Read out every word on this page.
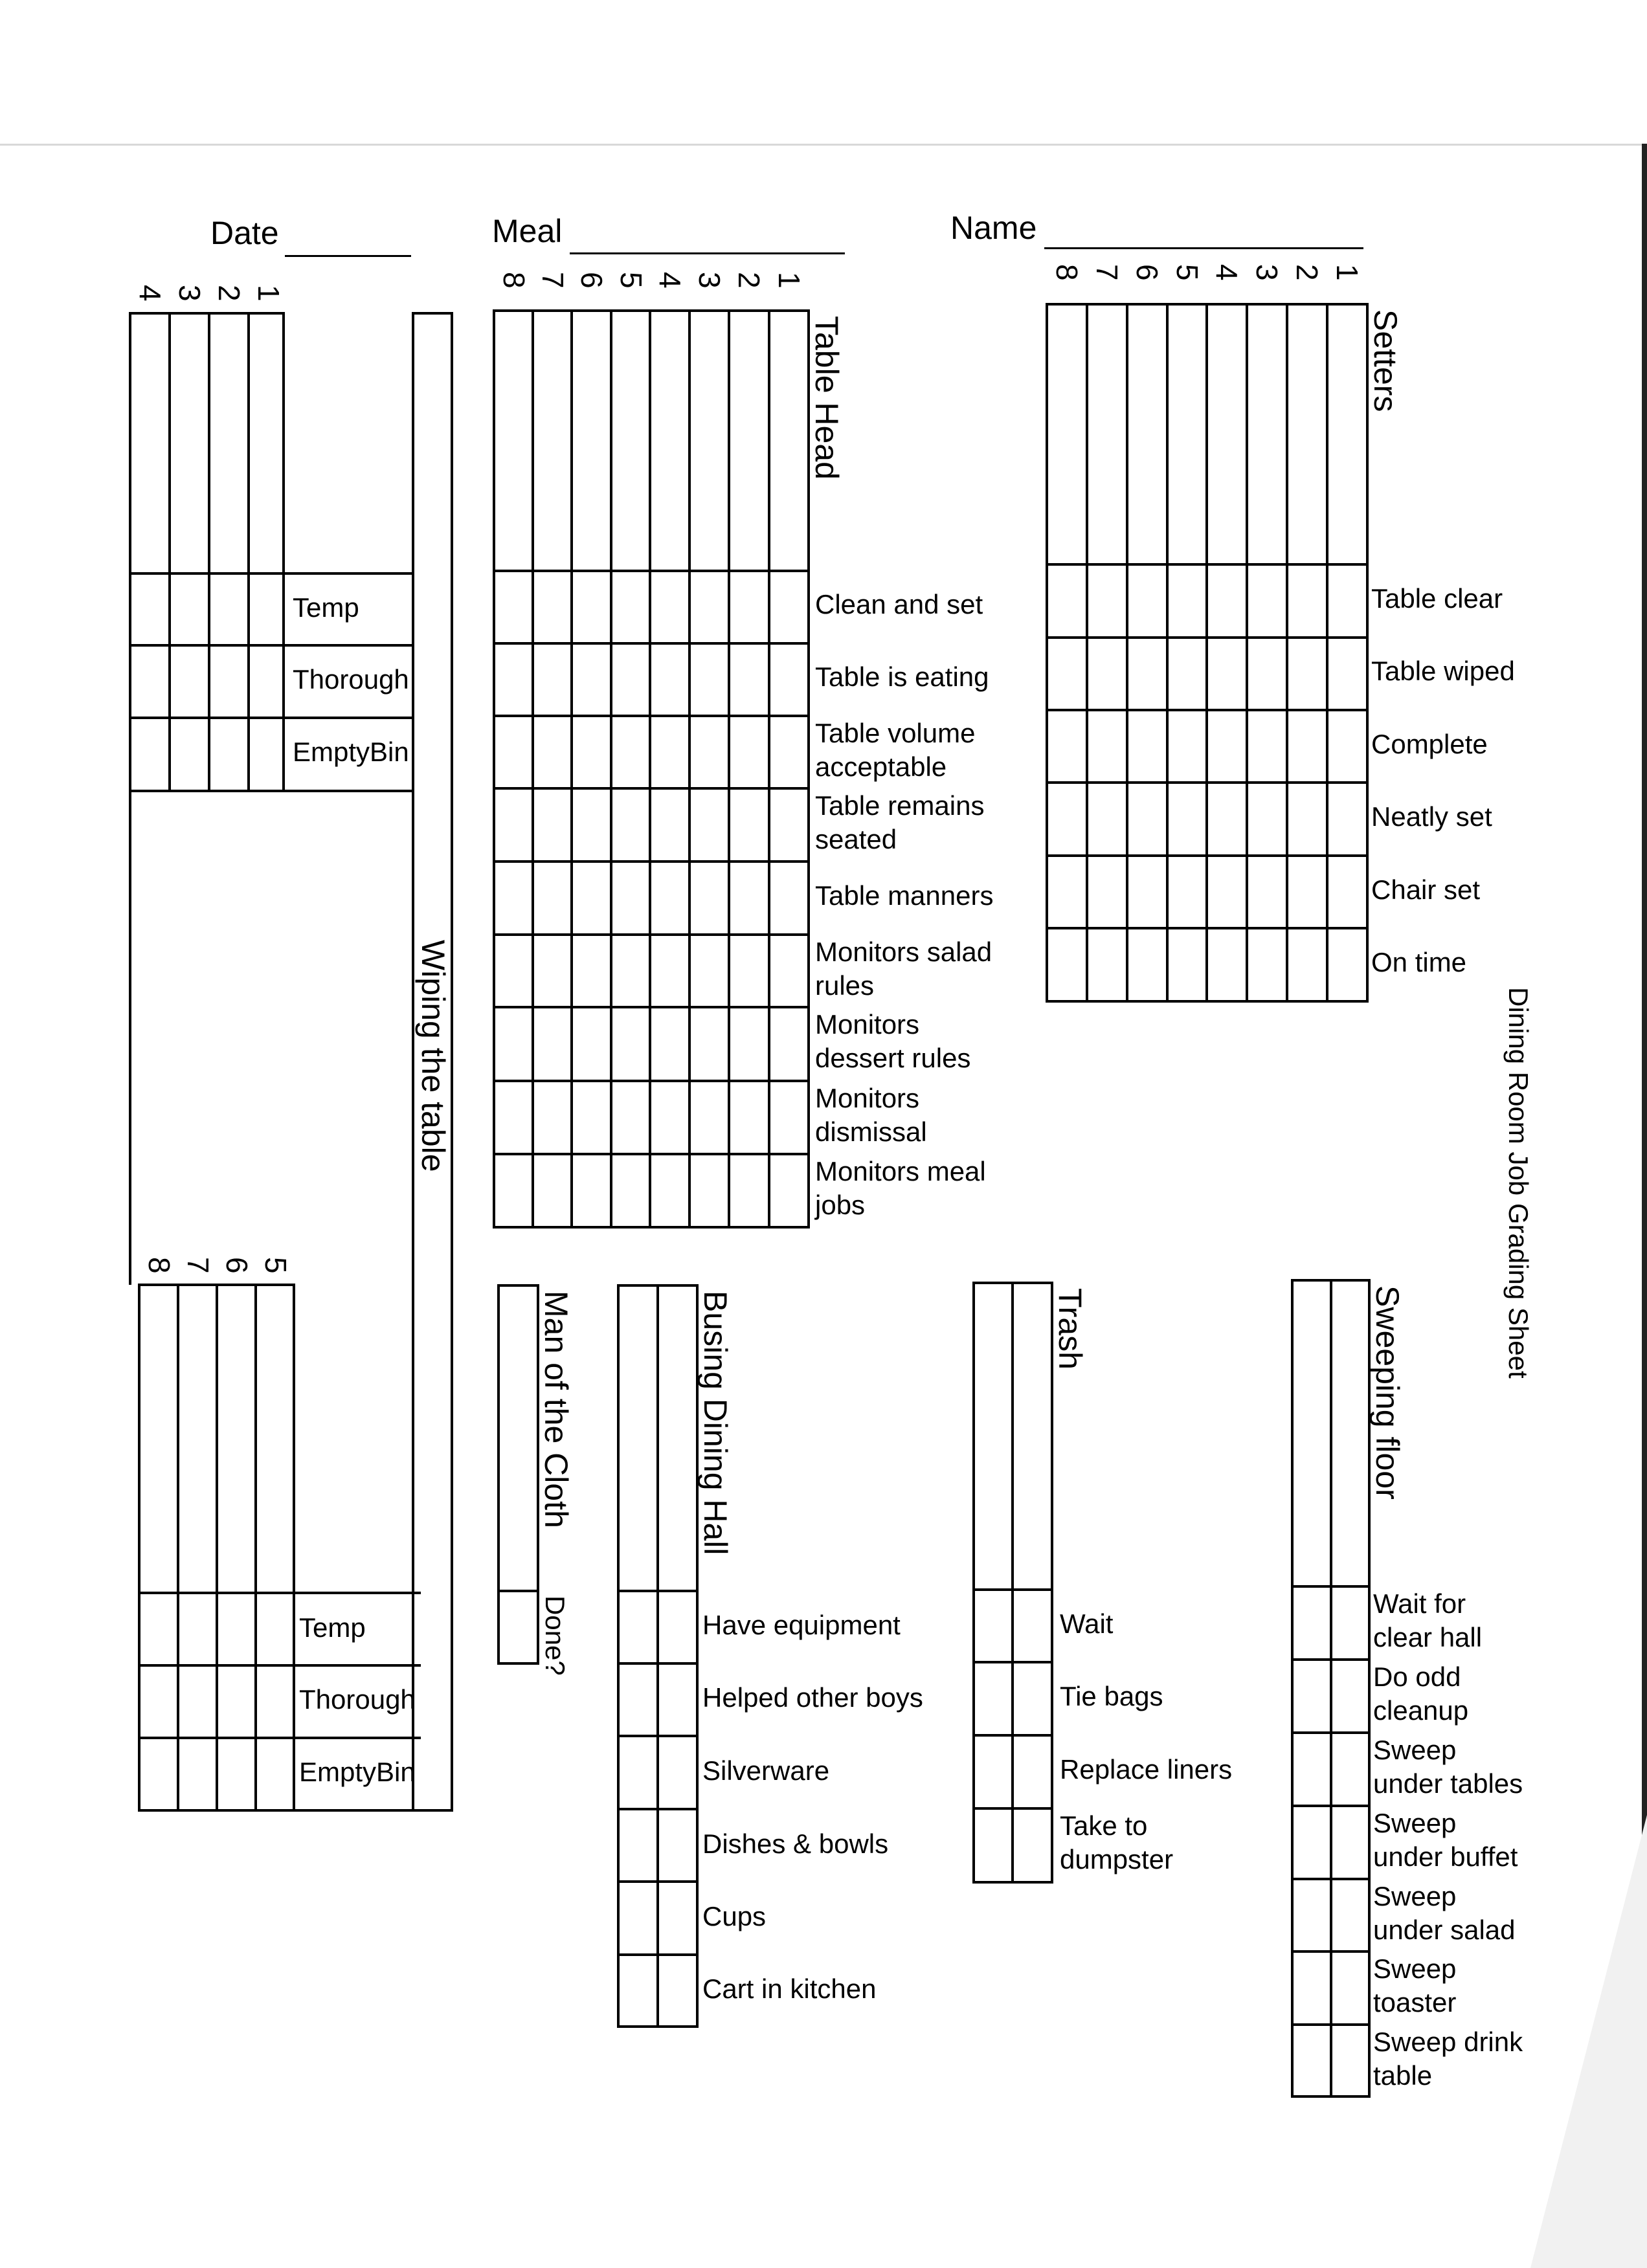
Date	Meal	Name
1
2
3
4
5
6
7
8
Temp
Thorough
EmptyBin
Temp
Thorough
EmptyBin
Wiping the table
1
2
3
4
5
6
7
8
Table Head
Clean and set
Table is eating
Table volume
acceptable
Table remains
seated
Table manners
Monitors salad
rules
Monitors
dessert rules
Monitors
dismissal
Monitors meal
jobs
1
2
3
4
5
6
7
8
Setters
Table clear
Table wiped
Complete
Neatly set
Chair set
On time
Dining Room Job Grading Sheet
Man of the Cloth
Done?
Busing Dining Hall
Have equipment
Helped other boys
Silverware
Dishes & bowls
Cups
Cart in kitchen
Trash
Wait
Tie bags
Replace liners
Take to
dumpster
Sweeping floor
Wait for
clear hall
Do odd
cleanup
Sweep
under tables
Sweep
under buffet
Sweep
under salad
Sweep
toaster
Sweep drink
table
